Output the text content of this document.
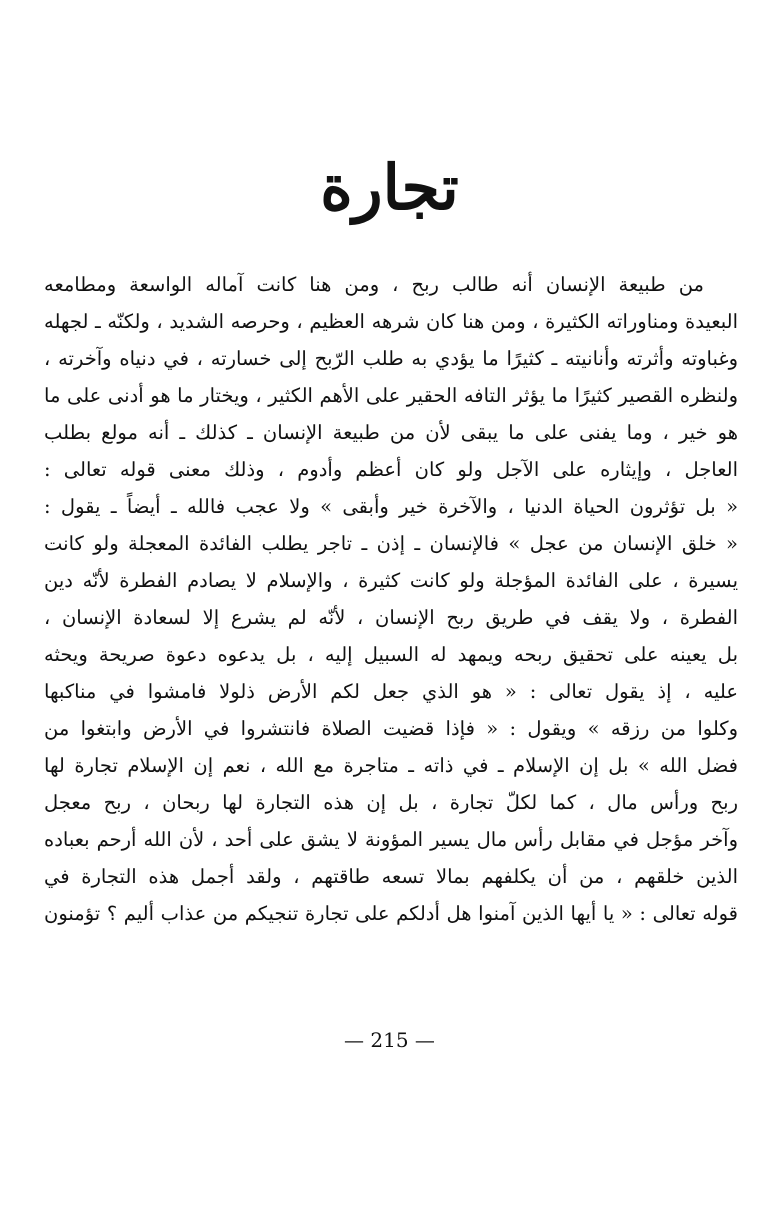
تجارة
من طبيعة الإنسان أنه طالب ربح ، ومن هنا كانت آماله الواسعة ومطامعه
البعيدة ومناوراته الكثيرة ، ومن هنا كان شرهه العظيم ، وحرصه الشديد ، ولكنّه ـ لجهله
وغباوته وأثرته وأنانيته ـ كثيرًا ما يؤدي به طلب الرّبح إلى خسارته ، في دنياه وآخرته ،
ولنظره القصير كثيرًا ما يؤثر التافه الحقير على الأهم الكثير ، ويختار ما هو أدنى على ما
هو خير ، وما يفنى على ما يبقى لأن من طبيعة الإنسان ـ كذلك ـ أنه مولع بطلب
العاجل ، وإيثاره على الآجل ولو كان أعظم وأدوم ، وذلك معنى قوله تعالى :
« بل تؤثرون الحياة الدنيا ، والآخرة خير وأبقى » ولا عجب فالله ـ أيضاً ـ يقول :
« خلق الإنسان من عجل » فالإنسان ـ إذن ـ تاجر يطلب الفائدة المعجلة ولو كانت
يسيرة ، على الفائدة المؤجلة ولو كانت كثيرة ، والإسلام لا يصادم الفطرة لأنّه دين
الفطرة ، ولا يقف في طريق ربح الإنسان ، لأنّه لم يشرع إلا لسعادة الإنسان ،
بل يعينه على تحقيق ربحه ويمهد له السبيل إليه ، بل يدعوه دعوة صريحة ويحثه
عليه ، إذ يقول تعالى : « هو الذي جعل لكم الأرض ذلولا فامشوا في مناكبها
وكلوا من رزقه » ويقول : « فإذا قضيت الصلاة فانتشروا في الأرض وابتغوا من
فضل الله » بل إن الإسلام ـ في ذاته ـ متاجرة مع الله ، نعم إن الإسلام تجارة لها
ربح ورأس مال ، كما لكلّ تجارة ، بل إن هذه التجارة لها ربحان ، ربح معجل
وآخر مؤجل في مقابل رأس مال يسير المؤونة لا يشق على أحد ، لأن الله أرحم بعباده
الذين خلقهم ، من أن يكلفهم بمالا تسعه طاقتهم ، ولقد أجمل هذه التجارة في
قوله تعالى : « يا أيها الذين آمنوا هل أدلكم على تجارة تنجيكم من عذاب أليم ؟ تؤمنون
— 215 —
